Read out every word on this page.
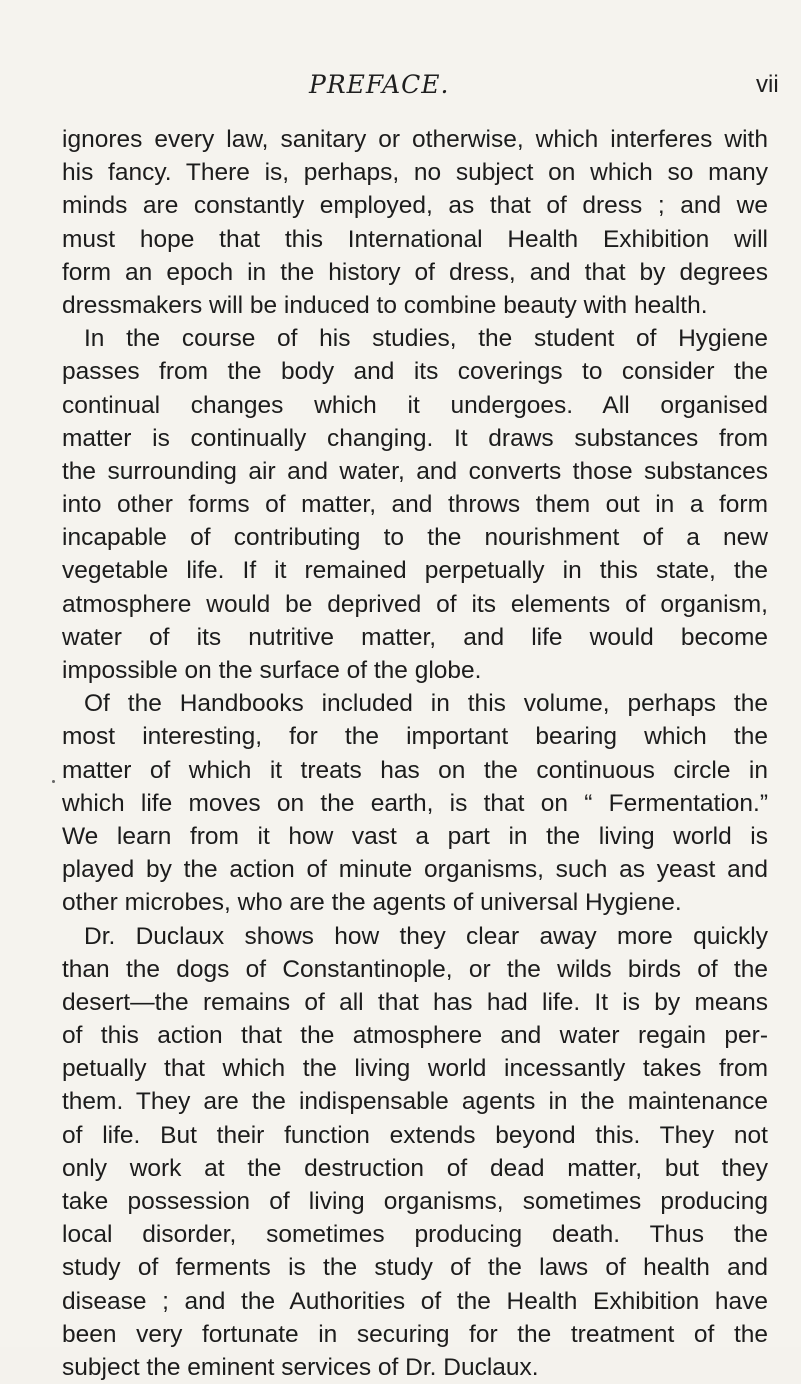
PREFACE.	vii
ignores every law, sanitary or otherwise, which interferes with
his fancy. There is, perhaps, no subject on which so many
minds are constantly employed, as that of dress ; and we
must hope that this International Health Exhibition will
form an epoch in the history of dress, and that by degrees
dressmakers will be induced to combine beauty with health.
In the course of his studies, the student of Hygiene
passes from the body and its coverings to consider the
continual changes which it undergoes. All organised
matter is continually changing. It draws substances from
the surrounding air and water, and converts those substances
into other forms of matter, and throws them out in a form
incapable of contributing to the nourishment of a new
vegetable life. If it remained perpetually in this state, the
atmosphere would be deprived of its elements of organism,
water of its nutritive matter, and life would become
impossible on the surface of the globe.
Of the Handbooks included in this volume, perhaps the
most interesting, for the important bearing which the
matter of which it treats has on the continuous circle in
which life moves on the earth, is that on “ Fermentation.”
We learn from it how vast a part in the living world is
played by the action of minute organisms, such as yeast and
other microbes, who are the agents of universal Hygiene.
Dr. Duclaux shows how they clear away more quickly
than the dogs of Constantinople, or the wilds birds of the
desert—the remains of all that has had life. It is by means
of this action that the atmosphere and water regain per-
petually that which the living world incessantly takes from
them. They are the indispensable agents in the maintenance
of life. But their function extends beyond this. They not
only work at the destruction of dead matter, but they
take possession of living organisms, sometimes producing
local disorder, sometimes producing death. Thus the
study of ferments is the study of the laws of health and
disease ; and the Authorities of the Health Exhibition have
been very fortunate in securing for the treatment of the
subject the eminent services of Dr. Duclaux.
